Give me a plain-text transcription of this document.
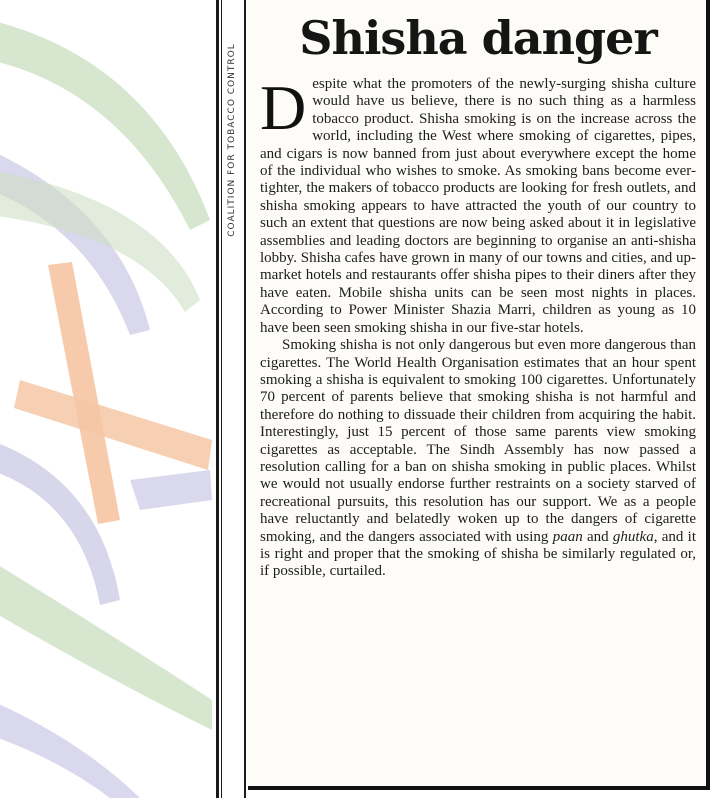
COALITION FOR TOBACCO CONTROL
Shisha danger

Despite what the promoters of the newly-surging shisha culture would have us believe, there is no such thing as a harmless tobacco product. Shisha smoking is on the increase across the world, including the West where smoking of cigarettes, pipes, and cigars is now banned from just about everywhere except the home of the individual who wishes to smoke. As smoking bans become ever-tighter, the makers of tobacco products are looking for fresh outlets, and shisha smoking appears to have attracted the youth of our country to such an extent that questions are now being asked about it in legislative assemblies and leading doctors are beginning to organise an anti-shisha lobby. Shisha cafes have grown in many of our towns and cities, and up-market hotels and restaurants offer shisha pipes to their diners after they have eaten. Mobile shisha units can be seen most nights in places. According to Power Minister Shazia Marri, children as young as 10 have been seen smoking shisha in our five-star hotels.

Smoking shisha is not only dangerous but even more dangerous than cigarettes. The World Health Organisation estimates that an hour spent smoking a shisha is equivalent to smoking 100 cigarettes. Unfortunately 70 percent of parents believe that smoking shisha is not harmful and therefore do nothing to dissuade their children from acquiring the habit. Interestingly, just 15 percent of those same parents view smoking cigarettes as acceptable. The Sindh Assembly has now passed a resolution calling for a ban on shisha smoking in public places. Whilst we would not usually endorse further restraints on a society starved of recreational pursuits, this resolution has our support. We as a people have reluctantly and belatedly woken up to the dangers of cigarette smoking, and the dangers associated with using paan and ghutka, and it is right and proper that the smoking of shisha be similarly regulated or, if possible, curtailed.
